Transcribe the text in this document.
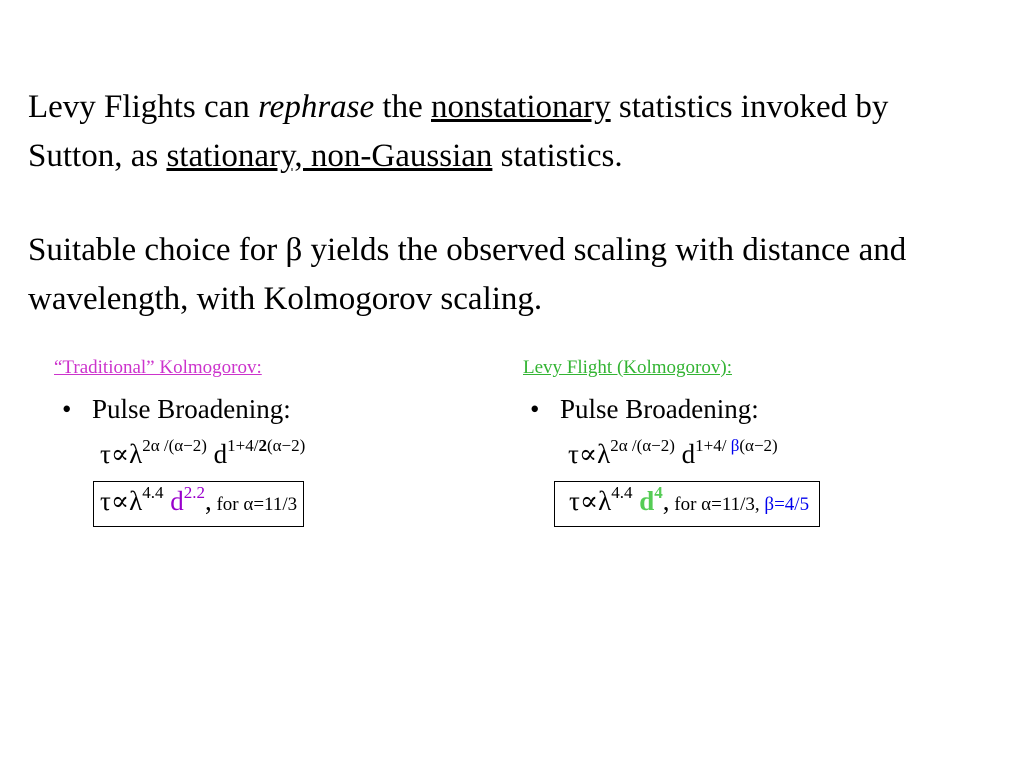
Levy Flights can rephrase the nonstationary statistics invoked by Sutton, as stationary, non-Gaussian statistics.

Suitable choice for β yields the observed scaling with distance and wavelength, with Kolmogorov scaling.

“Traditional” Kolmogorov:
• Pulse Broadening:
$\tau\propto\lambda^{2\alpha /(\alpha-2)}$ $d^{1+4/2(\alpha-2)}$
$\tau\propto\lambda^{4.4}$ $d^{2.2}$, for α=11/3
Levy Flight (Kolmogorov):
• Pulse Broadening:
$\tau\propto\lambda^{2\alpha /(\alpha-2)}$ $d^{1+4/ \beta(\alpha-2)}$
$\tau\propto\lambda^{4.4}$ $d^4$, for α=11/3, β=4/5
